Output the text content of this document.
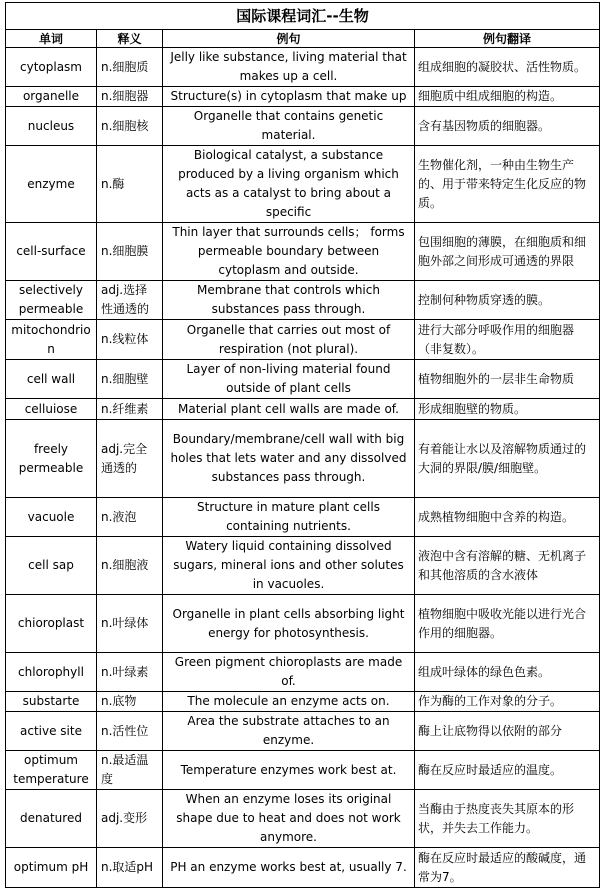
国际课程词汇--生物			
单词	释义	例句	例句翻译
cytoplasm	n.细胞质	Jelly like substance, living material that makes up a cell.	组成细胞的凝胶状、活性物质。
organelle	n.细胞器	Structure(s) in cytoplasm that make up	细胞质中组成细胞的构造。
nucleus	n.细胞核	Organelle that contains genetic material.	含有基因物质的细胞器。
enzyme	n.酶	Biological catalyst, a substance produced by a living organism which acts as a catalyst to bring about a specific	生物催化剂，一种由生物生产的、用于带来特定生化反应的物质。
cell-surface	n.细胞膜	Thin layer that surrounds cells； forms permeable boundary between cytoplasm and outside.	包围细胞的薄膜，在细胞质和细胞外部之间形成可通透的界限
selectively permeable	adj.选择性通透的	Membrane that controls which substances pass through.	控制何种物质穿透的膜。
mitochondrion	n.线粒体	Organelle that carries out most of respiration (not plural).	进行大部分呼吸作用的细胞器（非复数）。
cell wall	n.细胞壁	Layer of non-living material found outside of plant cells	植物细胞外的一层非生命物质
celluiose	n.纤维素	Material plant cell walls are made of.	形成细胞壁的物质。
freely permeable	adj.完全通透的	Boundary/membrane/cell wall with big holes that lets water and any dissolved substances pass through.	有着能让水以及溶解物质通过的大洞的界限/膜/细胞壁。
vacuole	n.液泡	Structure in mature plant cells containing nutrients.	成熟植物细胞中含养的构造。
cell sap	n.细胞液	Watery liquid containing dissolved sugars, mineral ions and other solutes in vacuoles.	液泡中含有溶解的糖、无机离子和其他溶质的含水液体
chioroplast	n.叶绿体	Organelle in plant cells absorbing light energy for photosynthesis.	植物细胞中吸收光能以进行光合作用的细胞器。
chlorophyll	n.叶绿素	Green pigment chioroplasts are made of.	组成叶绿体的绿色色素。
substarte	n.底物	The molecule an enzyme acts on.	作为酶的工作对象的分子。
active site	n.活性位	Area the substrate attaches to an enzyme.	酶上让底物得以依附的部分
optimum temperature	n.最适温度	Temperature enzymes work best at.	酶在反应时最适应的温度。
denatured	adj.变形	When an enzyme loses its original shape due to heat and does not work anymore.	当酶由于热度丧失其原本的形状，并失去工作能力。
optimum pH	n.取适pH	PH an enzyme works best at, usually 7.	酶在反应时最适应的酸碱度，通常为7。
